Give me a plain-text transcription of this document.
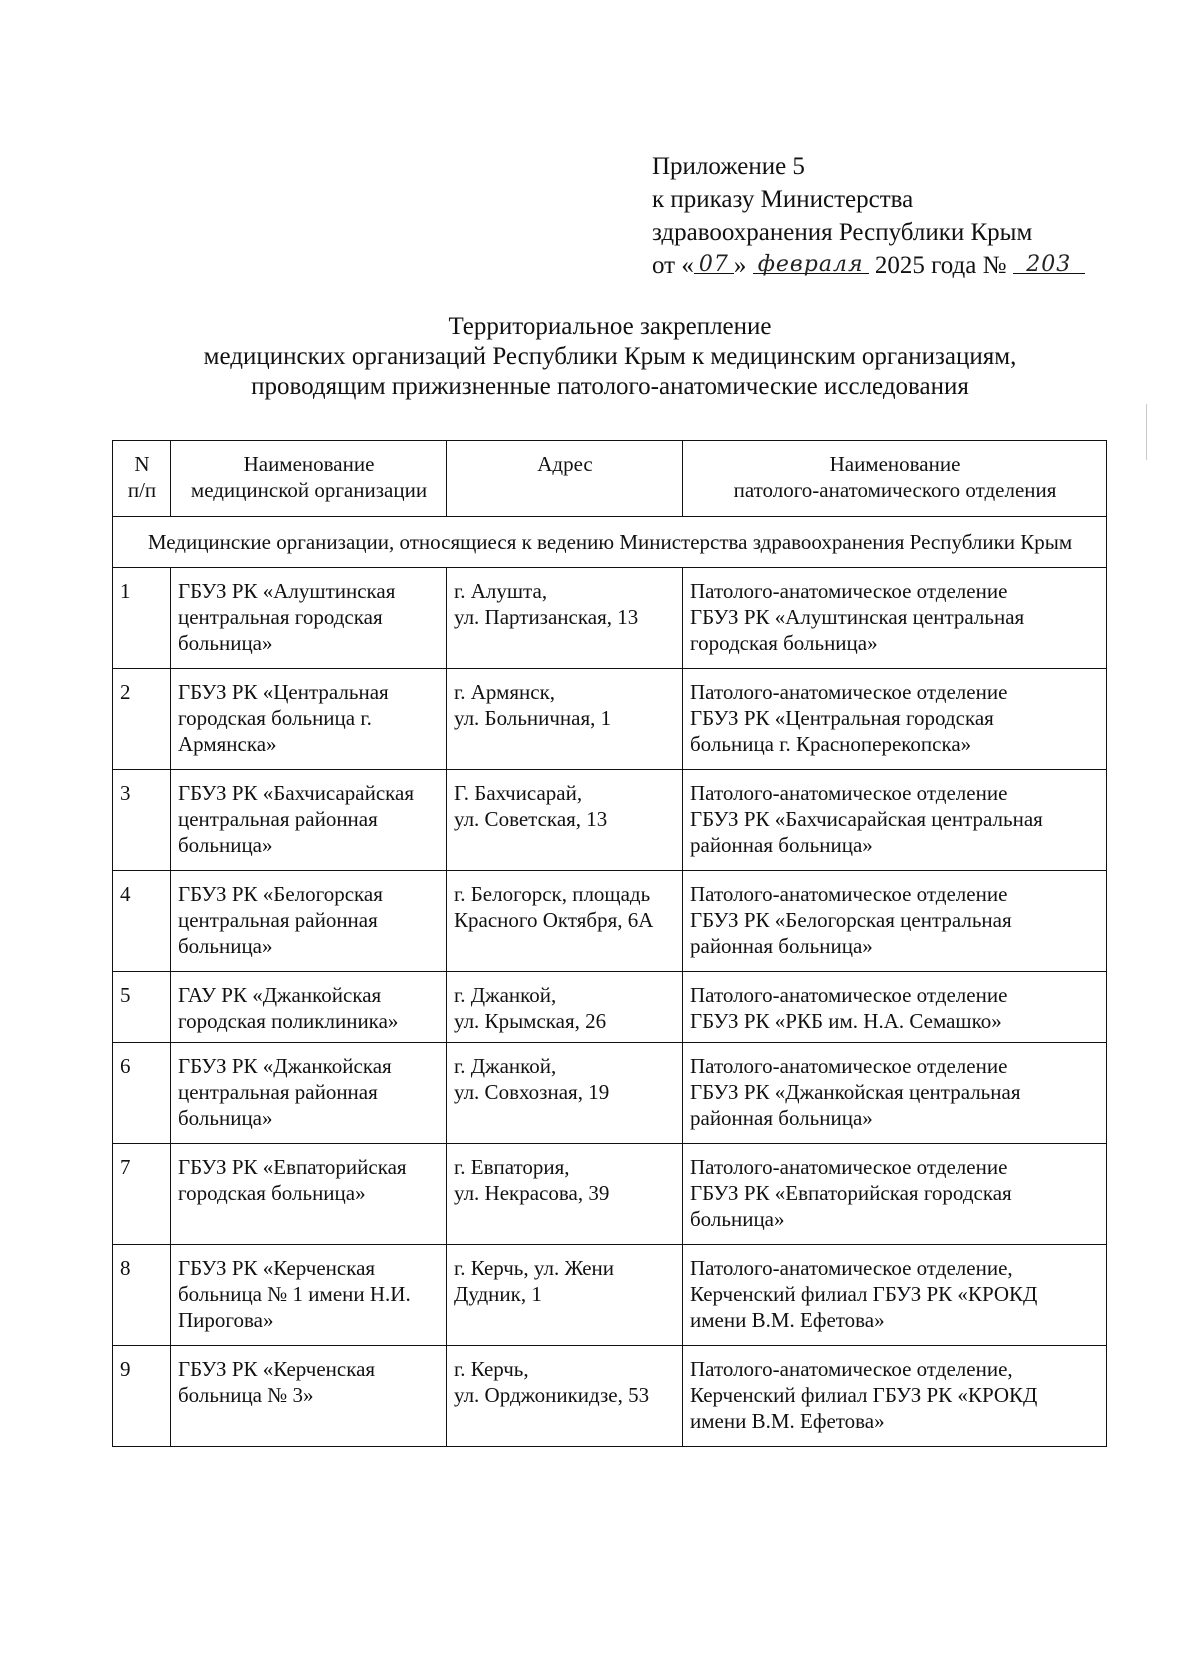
Приложение 5
к приказу Министерства
здравоохранения Республики Крым
от « 07 » февраля 2025 года № 203
Территориальное закрепление
медицинских организаций Республики Крым к медицинским организациям,
проводящим прижизненные патолого-анатомические исследования
N
п/п	Наименование
медицинской организации	Адрес	Наименование
патолого-анатомического отделения

Медицинские организации, относящиеся к ведению Министерства здравоохранения Республики Крым			
1	ГБУЗ РК «Алуштинская
центральная городская
больница»	г. Алушта,
ул. Партизанская, 13	Патолого-анатомическое отделение
ГБУЗ РК «Алуштинская центральная
городская больница»

2	ГБУЗ РК «Центральная
городская больница г.
Армянска»	г. Армянск,
ул. Больничная, 1	Патолого-анатомическое отделение
ГБУЗ РК «Центральная городская
больница г. Красноперекопска»

3	ГБУЗ РК «Бахчисарайская
центральная районная
больница»	Г. Бахчисарай,
ул. Советская, 13	Патолого-анатомическое отделение
ГБУЗ РК «Бахчисарайская центральная
районная больница»

4	ГБУЗ РК «Белогорская
центральная районная
больница»	г. Белогорск, площадь
Красного Октября, 6А	Патолого-анатомическое отделение
ГБУЗ РК «Белогорская центральная
районная больница»

5	ГАУ РК «Джанкойская
городская поликлиника»	г. Джанкой,
ул. Крымская, 26	Патолого-анатомическое отделение
ГБУЗ РК «РКБ им. Н.А. Семашко»

6	ГБУЗ РК «Джанкойская
центральная районная
больница»	г. Джанкой,
ул. Совхозная, 19	Патолого-анатомическое отделение
ГБУЗ РК «Джанкойская центральная
районная больница»

7	ГБУЗ РК «Евпаторийская
городская больница»	г. Евпатория,
ул. Некрасова, 39	Патолого-анатомическое отделение
ГБУЗ РК «Евпаторийская городская
больница»

8	ГБУЗ РК «Керченская
больница № 1 имени Н.И.
Пирогова»	г. Керчь, ул. Жени
Дудник, 1	Патолого-анатомическое отделение,
Керченский филиал ГБУЗ РК «КРОКД
имени В.М. Ефетова»

9	ГБУЗ РК «Керченская
больница № 3»	г. Керчь,
ул. Орджоникидзе, 53	Патолого-анатомическое отделение,
Керченский филиал ГБУЗ РК «КРОКД
имени В.М. Ефетова»
